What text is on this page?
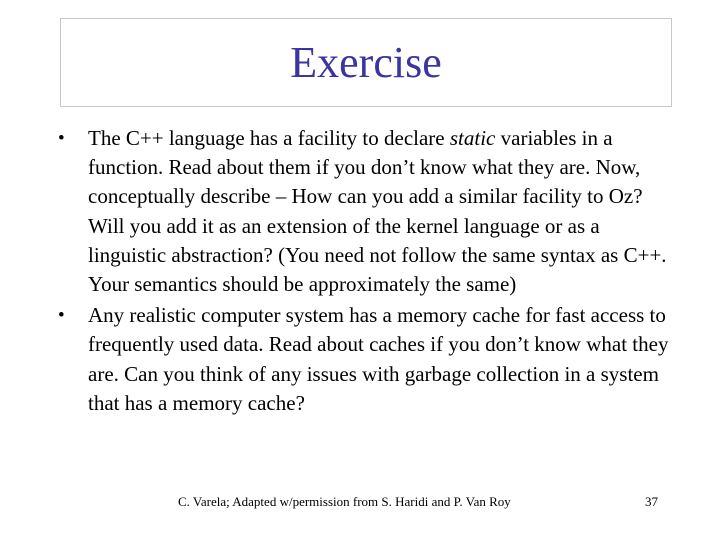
Exercise
•	The C++ language has a facility to declare static variables in a function. Read about them if you don’t know what they are. Now, conceptually describe – How can you add a similar facility to Oz? Will you add it as an extension of the kernel language or as a linguistic abstraction? (You need not follow the same syntax as C++. Your semantics should be approximately the same)
•	Any realistic computer system has a memory cache for fast access to frequently used data. Read about caches if you don’t know what they are. Can you think of any issues with garbage collection in a system that has a memory cache?
C. Varela; Adapted w/permission from S. Haridi and P. Van Roy	37
